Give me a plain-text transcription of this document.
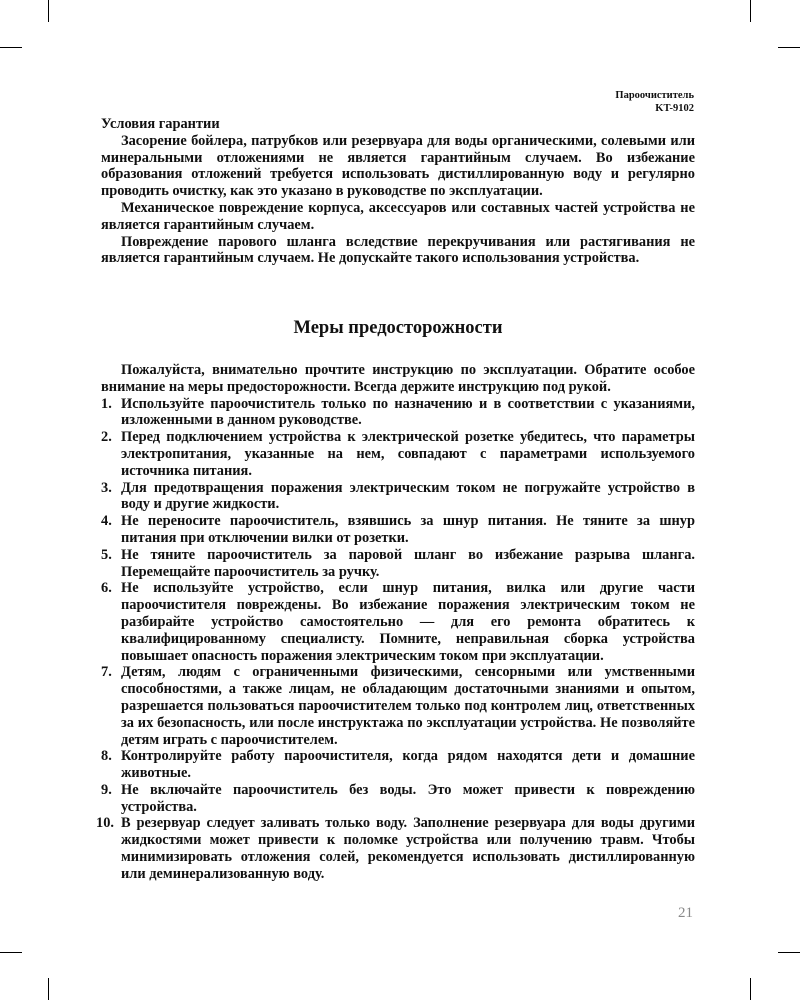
Пароочиститель
KT-9102

Условия гарантии

Засорение бойлера, патрубков или резервуара для воды органическими, солевыми или минеральными отложениями не является гарантийным случаем. Во избежание образования отложений требуется использовать дистиллированную воду и регулярно проводить очистку, как это указано в руководстве по эксплуатации.

Механическое повреждение корпуса, аксессуаров или составных частей устройства не является гарантийным случаем.

Повреждение парового шланга вследствие перекручивания или растягивания не является гарантийным случаем. Не допускайте такого использования устройства.

Меры предосторожности

Пожалуйста, внимательно прочтите инструкцию по эксплуатации. Обратите особое внимание на меры предосторожности. Всегда держите инструкцию под рукой.

1. Используйте пароочиститель только по назначению и в соответствии с указаниями, изложенными в данном руководстве.
2. Перед подключением устройства к электрической розетке убедитесь, что параметры электропитания, указанные на нем, совпадают с параметрами используемого источника питания.
3. Для предотвращения поражения электрическим током не погружайте устройство в воду и другие жидкости.
4. Не переносите пароочиститель, взявшись за шнур питания. Не тяните за шнур питания при отключении вилки от розетки.
5. Не тяните пароочиститель за паровой шланг во избежание разрыва шланга. Перемещайте пароочиститель за ручку.
6. Не используйте устройство, если шнур питания, вилка или другие части пароочистителя повреждены. Во избежание поражения электрическим током не разбирайте устройство самостоятельно — для его ремонта обратитесь к квалифицированному специалисту. Помните, неправильная сборка устройства повышает опасность поражения электрическим током при эксплуатации.
7. Детям, людям с ограниченными физическими, сенсорными или умственными способностями, а также лицам, не обладающим достаточными знаниями и опытом, разрешается пользоваться пароочистителем только под контролем лиц, ответственных за их безопасность, или после инструктажа по эксплуатации устройства. Не позволяйте детям играть с пароочистителем.
8. Контролируйте работу пароочистителя, когда рядом находятся дети и домашние животные.
9. Не включайте пароочиститель без воды. Это может привести к повреждению устройства.
10. В резервуар следует заливать только воду. Заполнение резервуара для воды другими жидкостями может привести к поломке устройства или получению травм. Чтобы минимизировать отложения солей, рекомендуется использовать дистиллированную или деминерализованную воду.
21
